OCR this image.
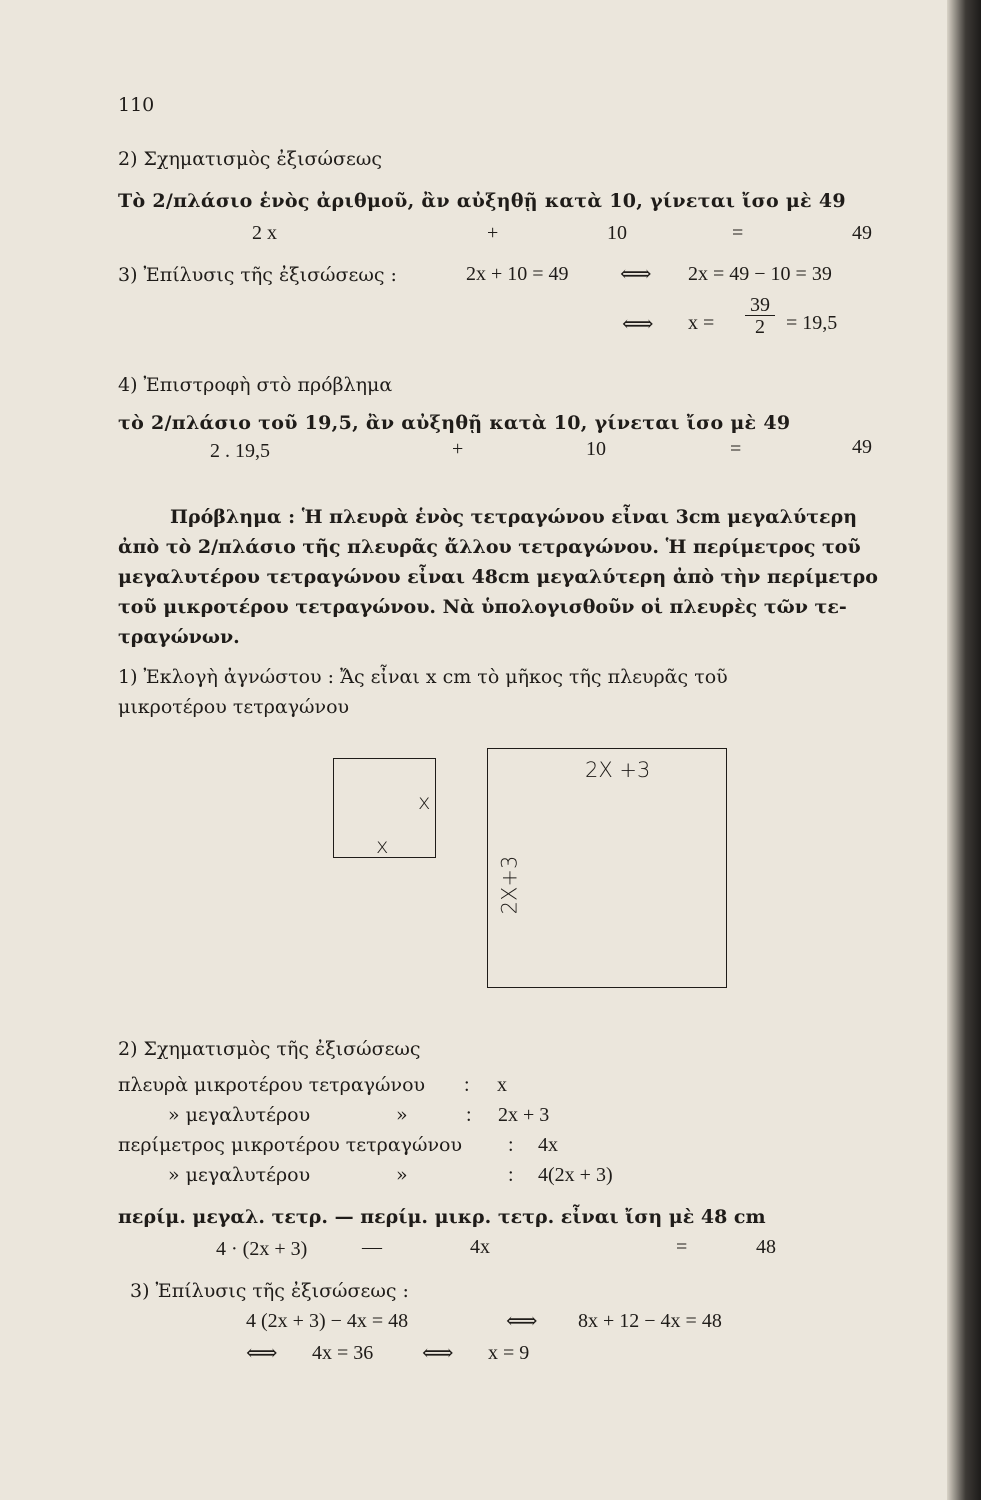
110
2) Σχηματισμὸς ἐξισώσεως
Τὸ 2/πλάσιο ἑνὸς ἀριθμοῦ, ἂν αὐξηθῇ κατὰ 10, γίνεται ἴσο μὲ 49
2 x	+	10	=	49
3) Ἐπίλυσις τῆς ἐξισώσεως :	2x + 10 = 49 ⟺ 2x = 49 − 10 = 39
⟺ $x = \frac{39}{2} = 19,5$
4) Ἐπιστροφὴ στὸ πρόβλημα
τὸ 2/πλάσιο τοῦ 19,5, ἂν αὐξηθῇ κατὰ 10, γίνεται ἴσο μὲ 49
2 . 19,5	+	10	=	49
Πρόβλημα : Ἡ πλευρὰ ἑνὸς τετραγώνου εἶναι 3cm μεγαλύτερη
ἀπὸ τὸ 2/πλάσιο τῆς πλευρᾶς ἄλλου τετραγώνου. Ἡ περίμετρος τοῦ
μεγαλυτέρου τετραγώνου εἶναι 48cm μεγαλύτερη ἀπὸ τὴν περίμετρο
τοῦ μικροτέρου τετραγώνου. Νὰ ὑπολογισθοῦν οἱ πλευρὲς τῶν τε-
τραγώνων.
1) Ἐκλογὴ ἀγνώστου : Ἄς εἶναι x cm τὸ μῆκος τῆς πλευρᾶς τοῦ
μικροτέρου τετραγώνου
x
x
2X +3
2X+3
2) Σχηματισμὸς τῆς ἐξισώσεως
πλευρὰ μικροτέρου τετραγώνου : x
» μεγαλυτέρου	»	: 2x + 3
περίμετρος μικροτέρου τετραγώνου : 4x
» μεγαλυτέρου	»	: 4(2x + 3)
περίμ. μεγαλ. τετρ. — περίμ. μικρ. τετρ. εἶναι ἴση μὲ 48 cm
4 · (2x + 3)	—	4x	=	48
3) Ἐπίλυσις τῆς ἐξισώσεως :
4 (2x + 3) − 4x = 48	⟺ 8x + 12 − 4x = 48
⟺ 4x = 36 ⟺ x = 9
